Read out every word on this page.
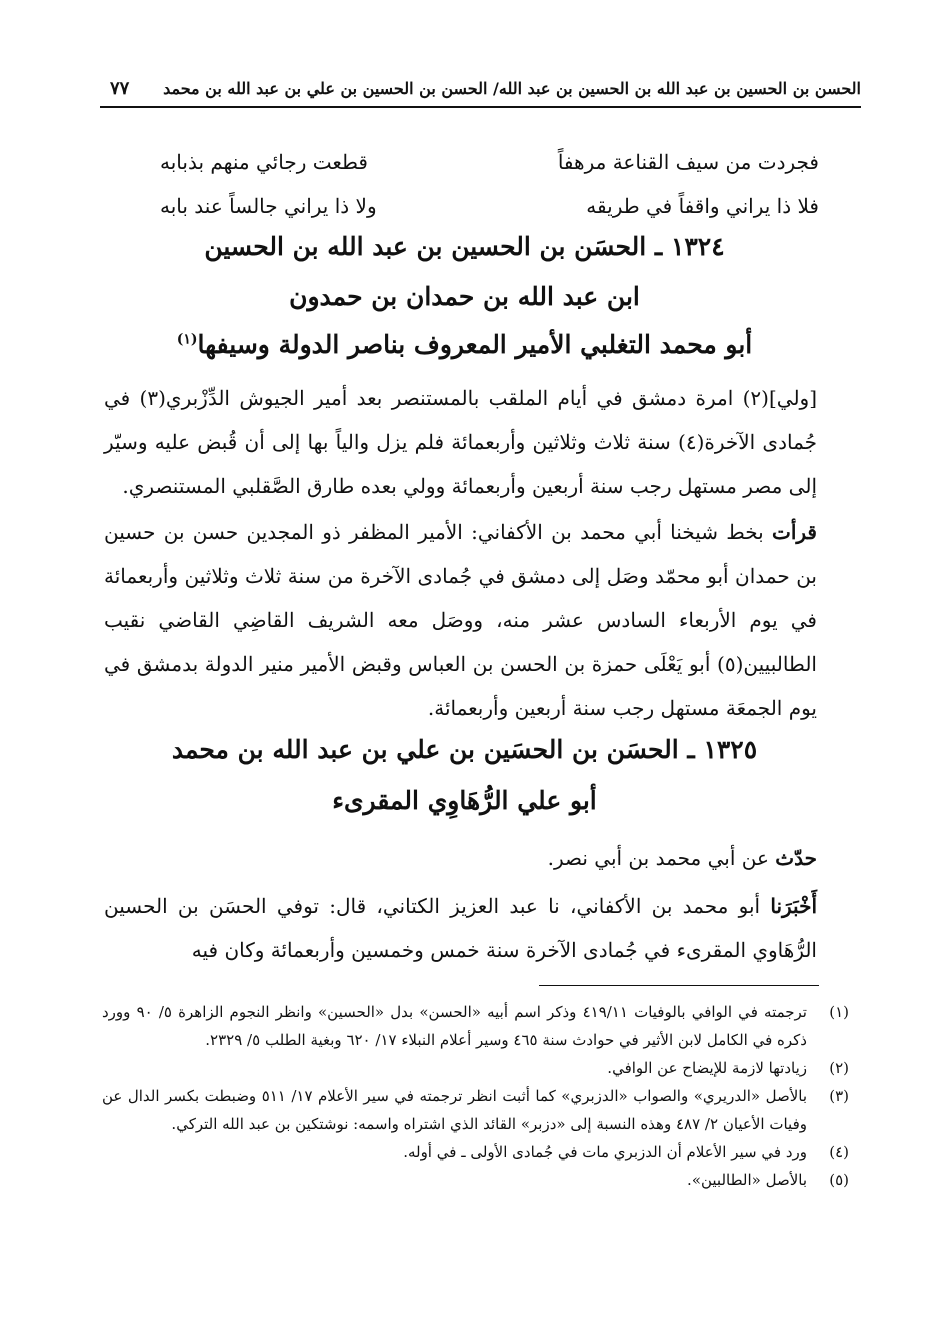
الحسن بن الحسين بن عبد الله بن الحسين بن عبد الله/ الحسن بن الحسين بن علي بن عبد الله بن محمد
٧٧
فجردت من سيف القناعة مرهفاً
قطعت رجائي منهم بذبابه
فلا ذا يراني واقفاً في طريقه
ولا ذا يراني جالساً عند بابه
١٣٢٤ ـ الحسَن بن الحسين بن عبد الله بن الحسين
ابن عبد الله بن حمدان بن حمدون
أبو محمد التغلبي الأمير المعروف بناصر الدولة وسيفها$^{(١)}$

[ولي](٢) امرة دمشق في أيام الملقب بالمستنصر بعد أمير الجيوش الدِّزْبري(٣) في جُمادى الآخرة(٤) سنة ثلاث وثلاثين وأربعمائة فلم يزل والياً بها إلى أن قُبض عليه وسيّر إلى مصر مستهل رجب سنة أربعين وأربعمائة وولي بعده طارق الصَّقلبي المستنصري.

قرأت بخط شيخنا أبي محمد بن الأكفاني: الأمير المظفر ذو المجدين حسن بن حسين بن حمدان أبو محمّد وصَل إلى دمشق في جُمادى الآخرة من سنة ثلاث وثلاثين وأربعمائة في يوم الأربعاء السادس عشر منه، ووصَل معه الشريف القاضِي القاضي نقيب الطالبيين(٥) أبو يَعْلَى حمزة بن الحسن بن العباس وقبض الأمير منير الدولة بدمشق في يوم الجمعَة مستهل رجب سنة أربعين وأربعمائة.

١٣٢٥ ـ الحسَن بن الحسَين بن علي بن عبد الله بن محمد
أبو علي الرُّهَاوِي المقرىء

حدّث عن أبي محمد بن أبي نصر.

أَخْبَرَنا أبو محمد بن الأكفاني، نا عبد العزيز الكتاني، قال: توفي الحسَن بن الحسين الرُّهَاوي المقرىء في جُمادى الآخرة سنة خمس وخمسين وأربعمائة وكان فيه

(١)
ترجمته في الوافي بالوفيات ٤١٩/١١ وذكر اسم أبيه «الحسن» بدل «الحسين» وانظر النجوم الزاهرة ٥/ ٩٠ وورد ذكره في الكامل لابن الأثير في حوادث سنة ٤٦٥ وسير أعلام النبلاء ١٧/ ٦٢٠ وبغية الطلب ٥/ ٢٣٢٩.
(٢)
زيادتها لازمة للإيضاح عن الوافي.
(٣)
بالأصل «الدريري» والصواب «الدزبري» كما أثبت انظر ترجمته في سير الأعلام ١٧/ ٥١١ وضبطت بكسر الدال عن وفيات الأعيان ٢/ ٤٨٧ وهذه النسبة إلى «دزبر» القائد الذي اشتراه واسمه: نوشتكين بن عبد الله التركي.
(٤)
ورد في سير الأعلام أن الدزبري مات في جُمادى الأولى ـ في أوله.
(٥)
بالأصل «الطالبين».
